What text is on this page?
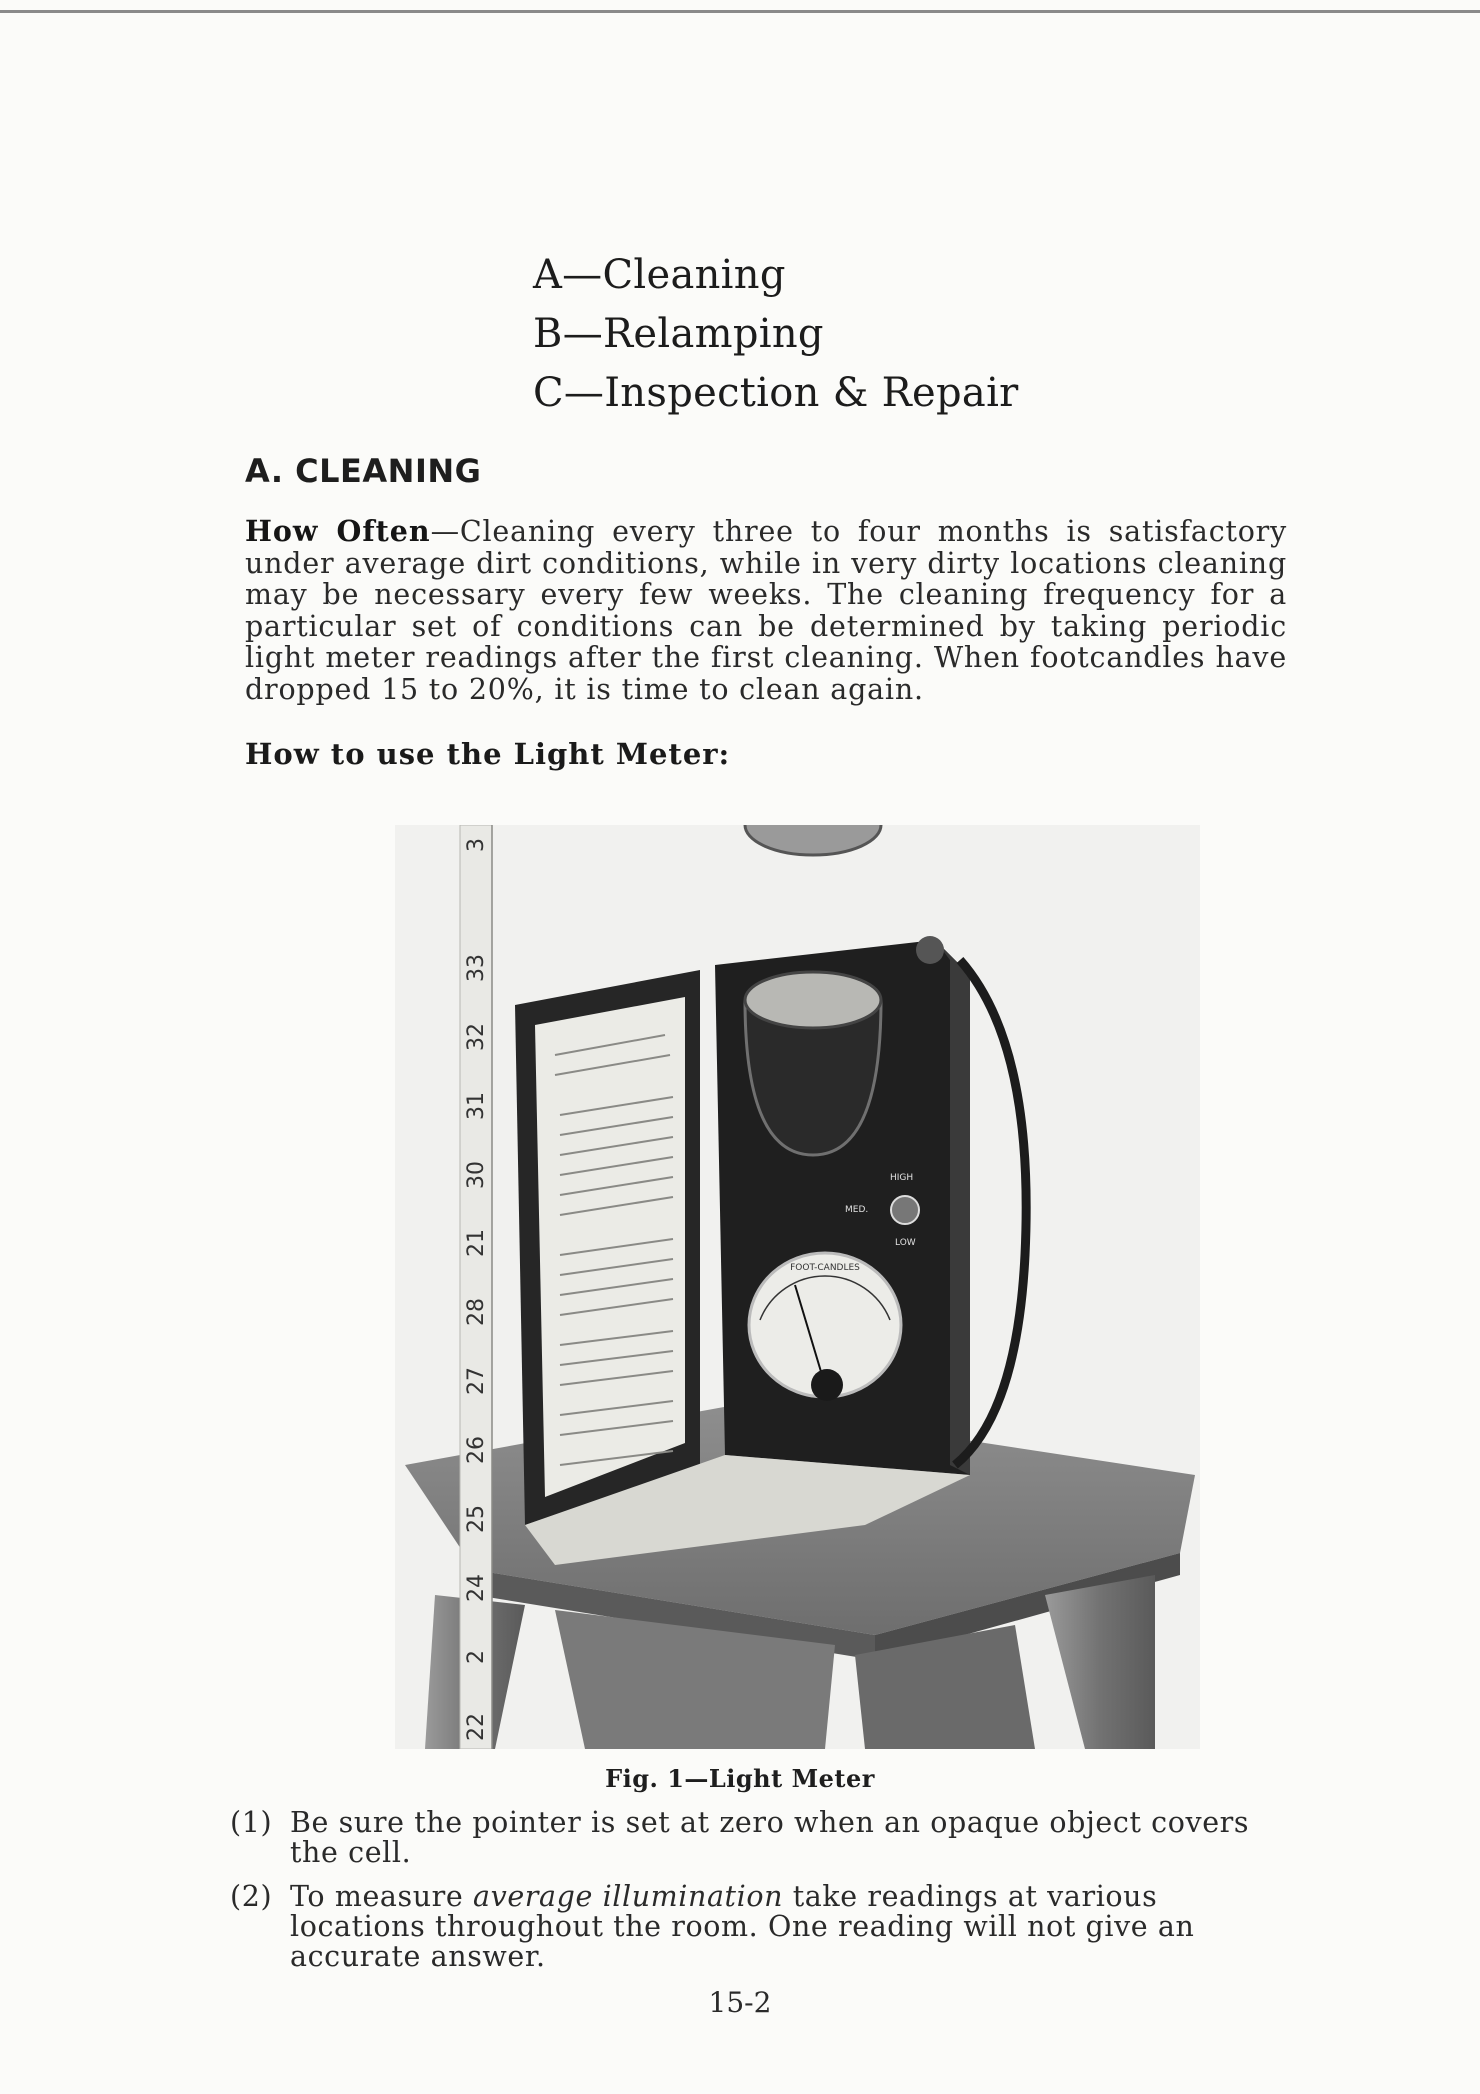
A—Cleaning
B—Relamping
C—Inspection & Repair
A. CLEANING

How Often—Cleaning every three to four months is satisfactory under average dirt conditions, while in very dirty locations cleaning may be necessary every few weeks. The cleaning frequency for a particular set of conditions can be determined by taking periodic light meter readings after the first cleaning. When footcandles have dropped 15 to 20%, it is time to clean again.

How to use the Light Meter:

22
2
24
25
26
27
28
21
30
31
32
33
3
HIGH
MED.
LOW
FOOT-CANDLES
Fig. 1—Light Meter
(1) Be sure the pointer is set at zero when an opaque object covers the cell.
(2) To measure average illumination take readings at various locations throughout the room. One reading will not give an accurate answer.
15-2
